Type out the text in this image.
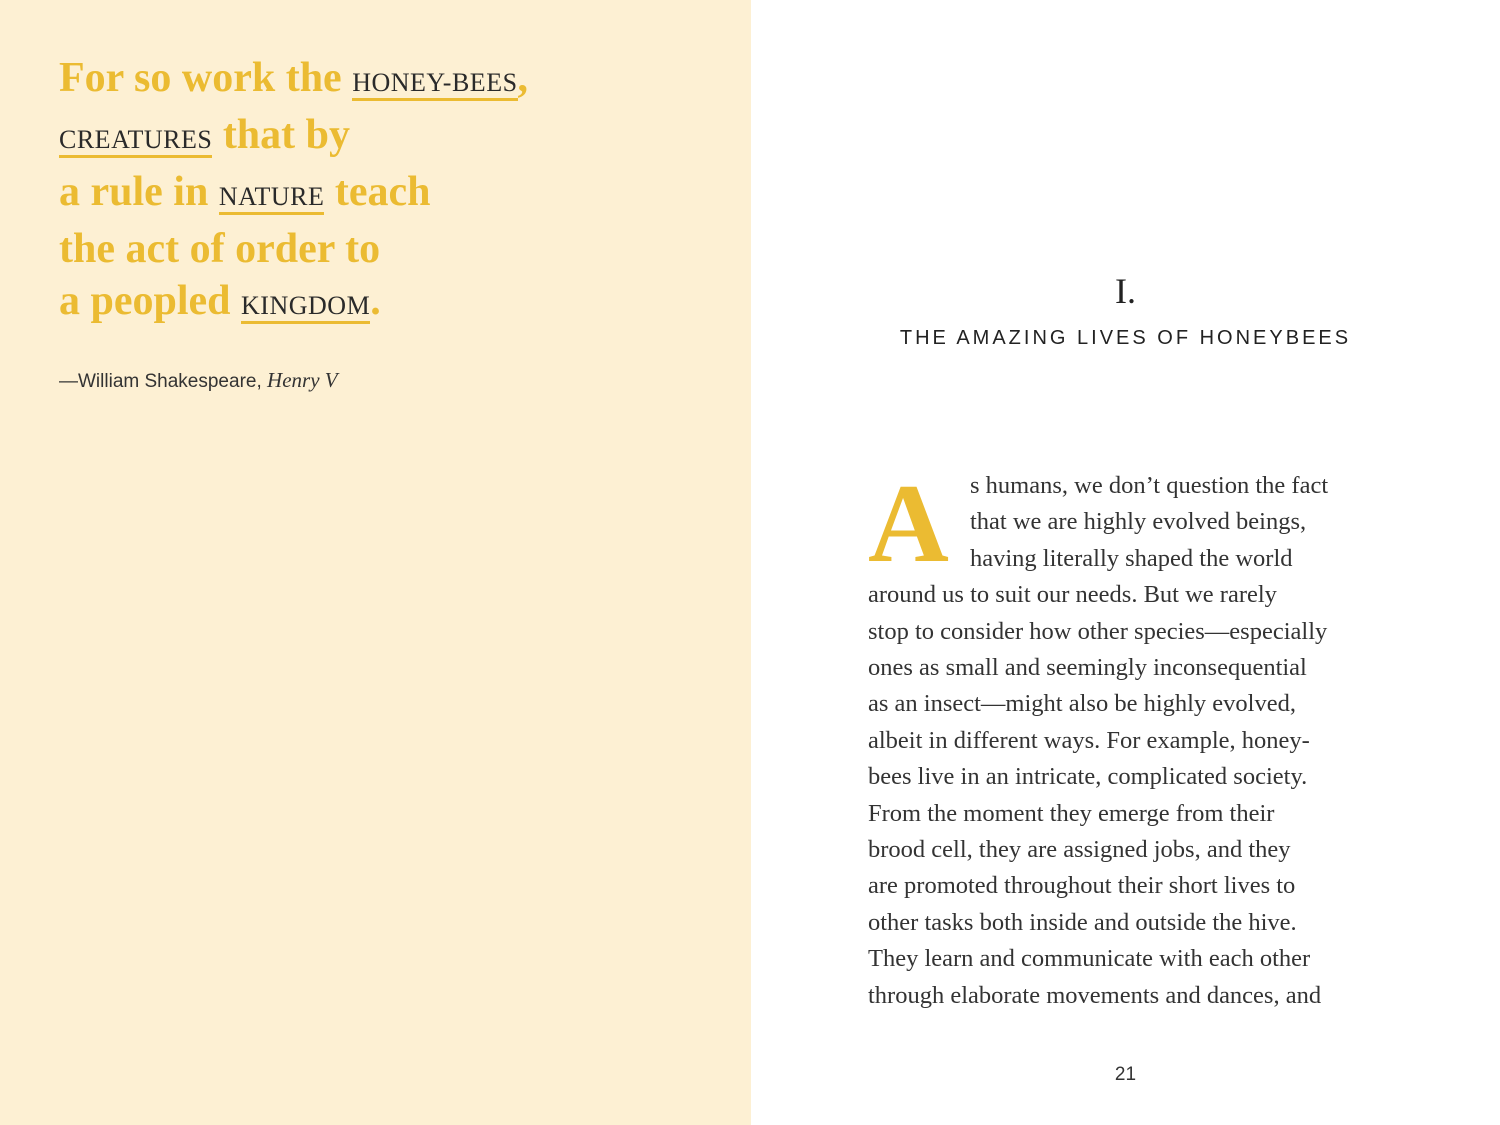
For so work the HONEY-BEES,
CREATURES that by
a rule in NATURE teach
the act of order to
a peopled KINGDOM.

—William Shakespeare, Henry V

I.
THE AMAZING LIVES OF HONEYBEES
A s humans, we don’t question the fact
that we are highly evolved beings,
having literally shaped the world
around us to suit our needs. But we rarely
stop to consider how other species—especially
ones as small and seemingly inconsequential
as an insect—might also be highly evolved,
albeit in different ways. For example, honey-
bees live in an intricate, complicated society.
From the moment they emerge from their
brood cell, they are assigned jobs, and they
are promoted throughout their short lives to
other tasks both inside and outside the hive.
They learn and communicate with each other
through elaborate movements and dances, and
21
